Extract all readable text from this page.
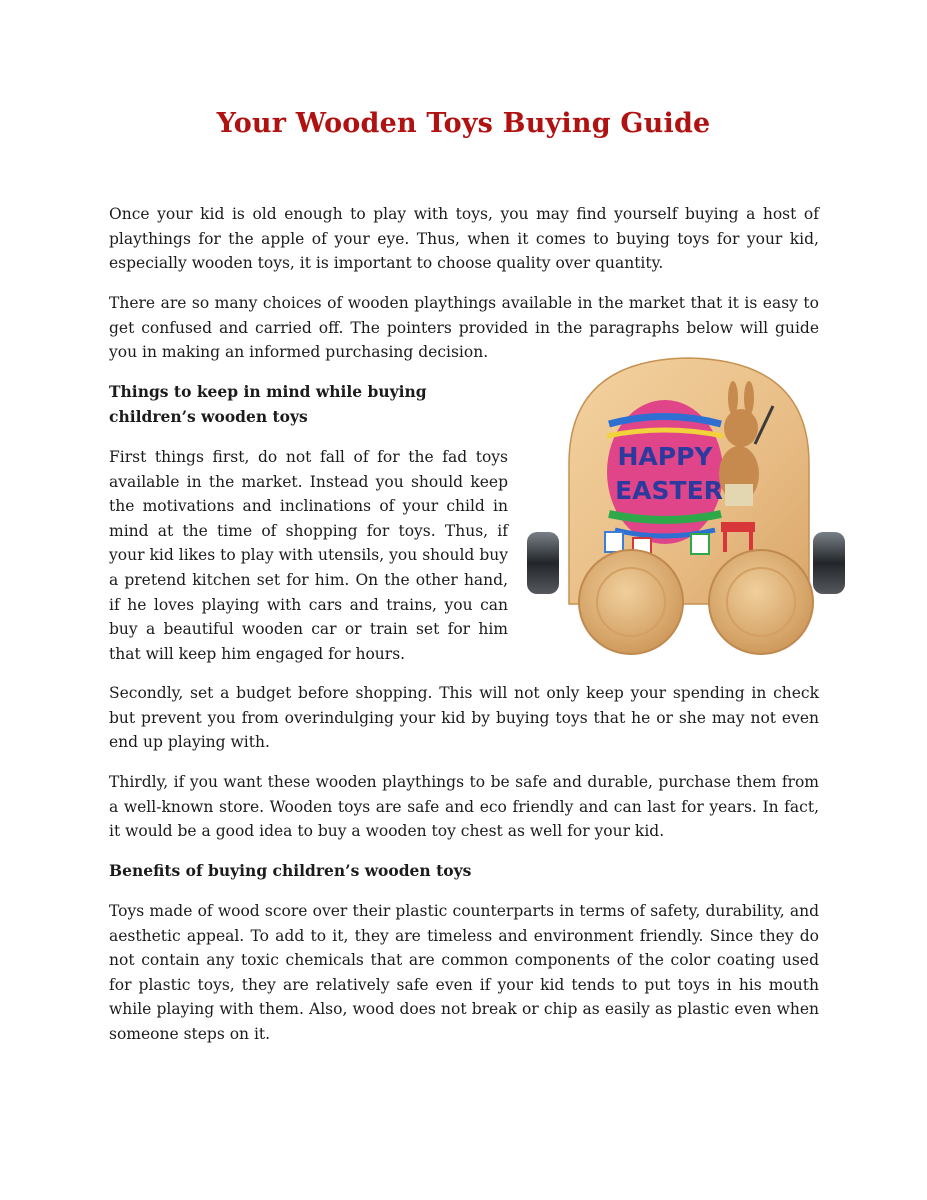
Your Wooden Toys Buying Guide

Once your kid is old enough to play with toys, you may find yourself buying a host of playthings for the apple of your eye. Thus, when it comes to buying toys for your kid, especially wooden toys, it is important to choose quality over quantity.

There are so many choices of wooden playthings available in the market that it is easy to get confused and carried off. The pointers provided in the paragraphs below will guide you in making an informed purchasing decision.

Things to keep in mind while buying children’s wooden toys

First things first, do not fall of for the fad toys available in the market. Instead you should keep the motivations and inclinations of your child in mind at the time of shopping for toys. Thus, if your kid likes to play with utensils, you should buy a pretend kitchen set for him. On the other hand, if he loves playing with cars and trains, you can buy a beautiful wooden car or train set for him that will keep him engaged for hours.

HAPPY
EASTER

Secondly, set a budget before shopping. This will not only keep your spending in check but prevent you from overindulging your kid by buying toys that he or she may not even end up playing with.

Thirdly, if you want these wooden playthings to be safe and durable, purchase them from a well-known store. Wooden toys are safe and eco friendly and can last for years. In fact, it would be a good idea to buy a wooden toy chest as well for your kid.

Benefits of buying children’s wooden toys

Toys made of wood score over their plastic counterparts in terms of safety, durability, and aesthetic appeal. To add to it, they are timeless and environment friendly. Since they do not contain any toxic chemicals that are common components of the color coating used for plastic toys, they are relatively safe even if your kid tends to put toys in his mouth while playing with them. Also, wood does not break or chip as easily as plastic even when someone steps on it.
